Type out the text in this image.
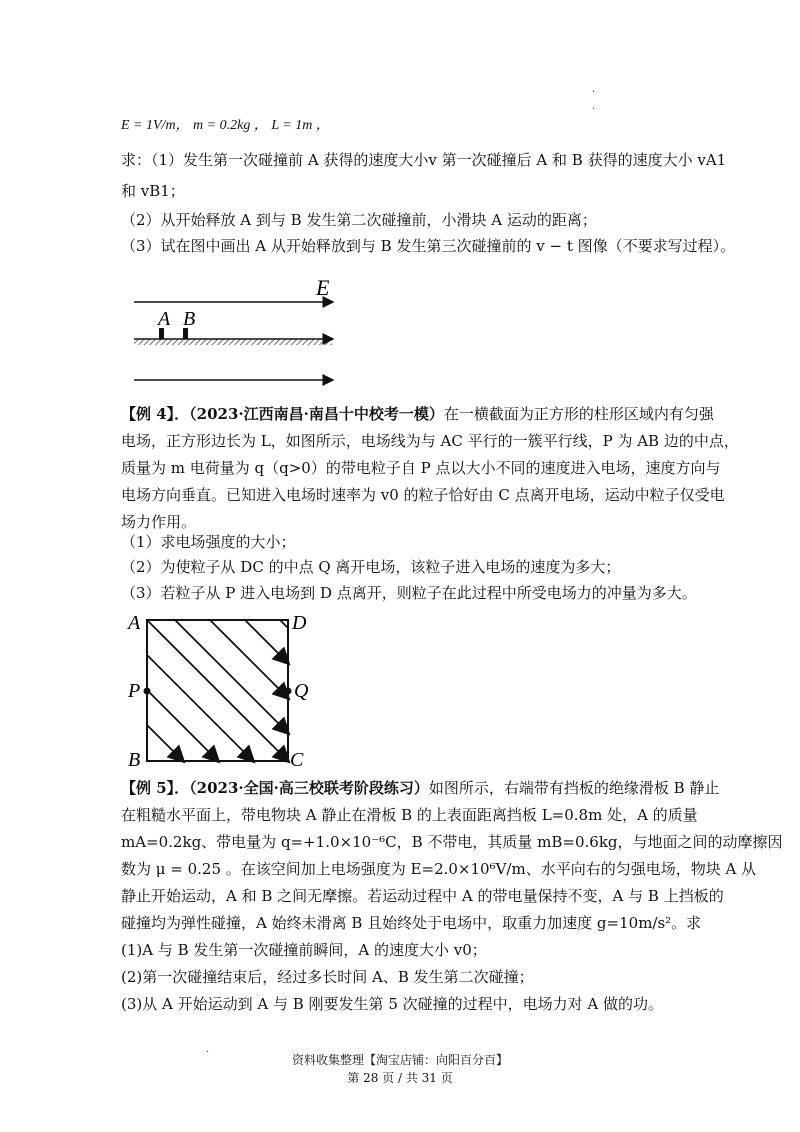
.
.
E = 1V/m， m = 0.2kg ， L = 1m ，
求：（1）发生第一次碰撞前 A 获得的速度大小v 第一次碰撞后 A 和 B 获得的速度大小 vA1
和 vB1；
（2）从开始释放 A 到与 B 发生第二次碰撞前，小滑块 A 运动的距离；
（3）试在图中画出 A 从开始释放到与 B 发生第三次碰撞前的 v − t 图像（不要求写过程）。
E
A B
【例 4】．（2023·江西南昌·南昌十中校考一模）在一横截面为正方形的柱形区域内有匀强
电场，正方形边长为 L，如图所示，电场线为与 AC 平行的一簇平行线，P 为 AB 边的中点，
质量为 m 电荷量为 q（q>0）的带电粒子自 P 点以大小不同的速度进入电场，速度方向与
电场方向垂直。已知进入电场时速率为 v0 的粒子恰好由 C 点离开电场，运动中粒子仅受电
场力作用。
（1）求电场强度的大小；
（2）为使粒子从 DC 的中点 Q 离开电场，该粒子进入电场的速度为多大；
（3）若粒子从 P 进入电场到 D 点离开，则粒子在此过程中所受电场力的冲量为多大。
A	D
P	Q
B	C
【例 5】．（2023·全国·高三校联考阶段练习）如图所示，右端带有挡板的绝缘滑板 B 静止
在粗糙水平面上，带电物块 A 静止在滑板 B 的上表面距离挡板 L=0.8m 处，A 的质量
mA=0.2kg、带电量为 q=+1.0×10⁻⁶C，B 不带电，其质量 mB=0.6kg，与地面之间的动摩擦因
数为 μ = 0.25 。在该空间加上电场强度为 E=2.0×10⁶V/m、水平向右的匀强电场，物块 A 从
静止开始运动，A 和 B 之间无摩擦。若运动过程中 A 的带电量保持不变，A 与 B 上挡板的
碰撞均为弹性碰撞，A 始终未滑离 B 且始终处于电场中，取重力加速度 g=10m/s²。求
(1)A 与 B 发生第一次碰撞前瞬间，A 的速度大小 v0；
(2)第一次碰撞结束后，经过多长时间 A、B 发生第二次碰撞；
(3)从 A 开始运动到 A 与 B 刚要发生第 5 次碰撞的过程中，电场力对 A 做的功。
.
资料收集整理【淘宝店铺：向阳百分百】
第 28 页 / 共 31 页
